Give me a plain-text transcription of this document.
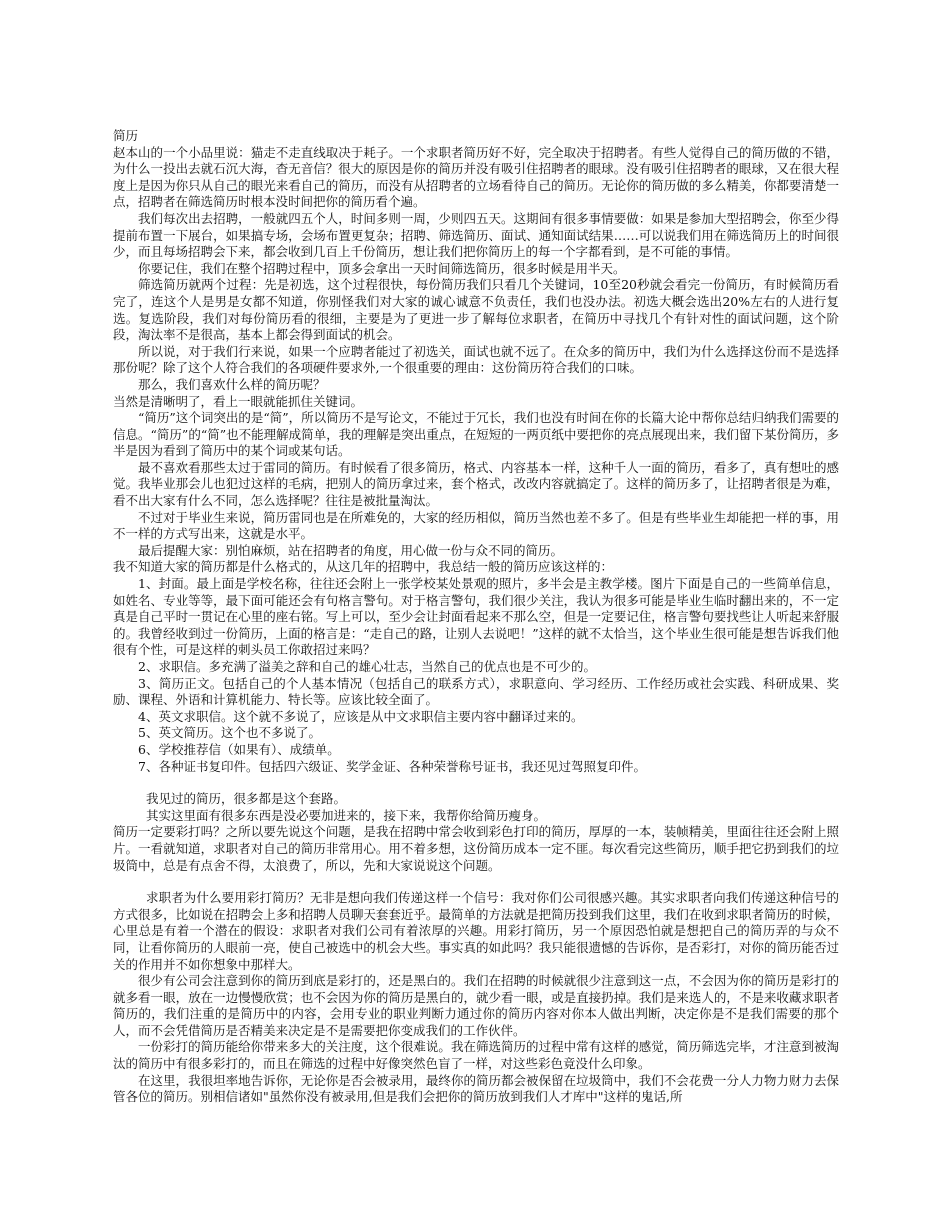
简历

赵本山的一个小品里说：猫走不走直线取决于耗子。一个求职者简历好不好，完全取决于招聘者。有些人觉得自己的简历做的不错，为什么一投出去就石沉大海，杳无音信？很大的原因是你的简历并没有吸引住招聘者的眼球。没有吸引住招聘者的眼球，又在很大程度上是因为你只从自己的眼光来看自己的简历，而没有从招聘者的立场看待自己的简历。无论你的简历做的多么精美，你都要清楚一点，招聘者在筛选简历时根本没时间把你的简历看个遍。

我们每次出去招聘，一般就四五个人，时间多则一周，少则四五天。这期间有很多事情要做：如果是参加大型招聘会，你至少得提前布置一下展台，如果搞专场，会场布置更复杂；招聘、筛选简历、面试、通知面试结果……可以说我们用在筛选简历上的时间很少，而且每场招聘会下来，都会收到几百上千份简历，想让我们把你简历上的每一个字都看到，是不可能的事情。

你要记住，我们在整个招聘过程中，顶多会拿出一天时间筛选简历，很多时候是用半天。

筛选简历就两个过程：先是初选，这个过程很快，每份简历我们只看几个关键词，10至20秒就会看完一份简历，有时候简历看完了，连这个人是男是女都不知道，你别怪我们对大家的诚心诚意不负责任，我们也没办法。初选大概会选出20%左右的人进行复选。复选阶段，我们对每份简历看的很细，主要是为了更进一步了解每位求职者，在简历中寻找几个有针对性的面试问题，这个阶段，淘汰率不是很高，基本上都会得到面试的机会。

所以说，对于我们行来说，如果一个应聘者能过了初选关，面试也就不远了。在众多的简历中，我们为什么选择这份而不是选择那份呢？除了这个人符合我们的各项硬件要求外,一个很重要的理由：这份简历符合我们的口味。

那么，我们喜欢什么样的简历呢？

当然是清晰明了，看上一眼就能抓住关键词。

“简历”这个词突出的是“简”，所以简历不是写论文，不能过于冗长，我们也没有时间在你的长篇大论中帮你总结归纳我们需要的信息。“简历”的“简”也不能理解成简单，我的理解是突出重点，在短短的一两页纸中要把你的亮点展现出来，我们留下某份简历，多半是因为看到了简历中的某个词或某句话。

最不喜欢看那些太过于雷同的简历。有时候看了很多简历，格式、内容基本一样，这种千人一面的简历，看多了，真有想吐的感觉。我毕业那会儿也犯过这样的毛病，把别人的简历拿过来，套个格式，改改内容就搞定了。这样的简历多了，让招聘者很是为难，看不出大家有什么不同，怎么选择呢？往往是被批量淘汰。

不过对于毕业生来说，简历雷同也是在所难免的，大家的经历相似，简历当然也差不多了。但是有些毕业生却能把一样的事，用不一样的方式写出来，这就是水平。

最后提醒大家：别怕麻烦，站在招聘者的角度，用心做一份与众不同的简历。

我不知道大家的简历都是什么格式的，从这几年的招聘中，我总结一般的简历应该这样的：

1、封面。最上面是学校名称，往往还会附上一张学校某处景观的照片，多半会是主教学楼。图片下面是自己的一些简单信息，如姓名、专业等等，最下面可能还会有句格言警句。对于格言警句，我们很少关注，我认为很多可能是毕业生临时翻出来的，不一定真是自己平时一贯记在心里的座右铭。写上可以，至少会让封面看起来不那么空，但是一定要记住，格言警句要找些让人听起来舒服的。我曾经收到过一份简历，上面的格言是：“走自己的路，让别人去说吧！”这样的就不太恰当，这个毕业生很可能是想告诉我们他很有个性，可是这样的刺头员工你敢招过来吗？

2、求职信。多充满了溢美之辞和自己的雄心壮志，当然自己的优点也是不可少的。

3、简历正文。包括自己的个人基本情况（包括自己的联系方式），求职意向、学习经历、工作经历或社会实践、科研成果、奖励、课程、外语和计算机能力、特长等。应该比较全面了。

4、英文求职信。这个就不多说了，应该是从中文求职信主要内容中翻译过来的。

5、英文简历。这个也不多说了。

6、学校推荐信（如果有）、成绩单。

7、各种证书复印件。包括四六级证、奖学金证、各种荣誉称号证书，我还见过驾照复印件。

我见过的简历，很多都是这个套路。

其实这里面有很多东西是没必要加进来的，接下来，我帮你给简历瘦身。

简历一定要彩打吗？之所以要先说这个问题，是我在招聘中常会收到彩色打印的简历，厚厚的一本，装帧精美，里面往往还会附上照片。一看就知道，求职者对自己的简历非常用心。用不着多想，这份简历成本一定不匪。每次看完这些简历，顺手把它扔到我们的垃圾筒中，总是有点舍不得，太浪费了，所以，先和大家说说这个问题。

求职者为什么要用彩打简历？无非是想向我们传递这样一个信号：我对你们公司很感兴趣。其实求职者向我们传递这种信号的方式很多，比如说在招聘会上多和招聘人员聊天套套近乎。最简单的方法就是把简历投到我们这里，我们在收到求职者简历的时候，心里总是有着一个潜在的假设：求职者对我们公司有着浓厚的兴趣。用彩打简历，另一个原因恐怕就是想把自己的简历弄的与众不同，让看你简历的人眼前一亮，使自己被选中的机会大些。事实真的如此吗？我只能很遗憾的告诉你，是否彩打，对你的简历能否过关的作用并不如你想象中那样大。

很少有公司会注意到你的简历到底是彩打的，还是黑白的。我们在招聘的时候就很少注意到这一点，不会因为你的简历是彩打的就多看一眼，放在一边慢慢欣赏；也不会因为你的简历是黑白的，就少看一眼，或是直接扔掉。我们是来选人的，不是来收藏求职者简历的，我们注重的是简历中的内容，会用专业的职业判断力通过你的简历内容对你本人做出判断，决定你是不是我们需要的那个人，而不会凭借简历是否精美来决定是不是需要把你变成我们的工作伙伴。

一份彩打的简历能给你带来多大的关注度，这个很难说。我在筛选简历的过程中常有这样的感觉，简历筛选完毕，才注意到被淘汰的简历中有很多彩打的，而且在筛选的过程中好像突然色盲了一样，对这些彩色竟没什么印象。

在这里，我很坦率地告诉你，无论你是否会被录用，最终你的简历都会被保留在垃圾筒中，我们不会花费一分人力物力财力去保管各位的简历。别相信诸如"虽然你没有被录用,但是我们会把你的简历放到我们人才库中"这样的鬼话,所
